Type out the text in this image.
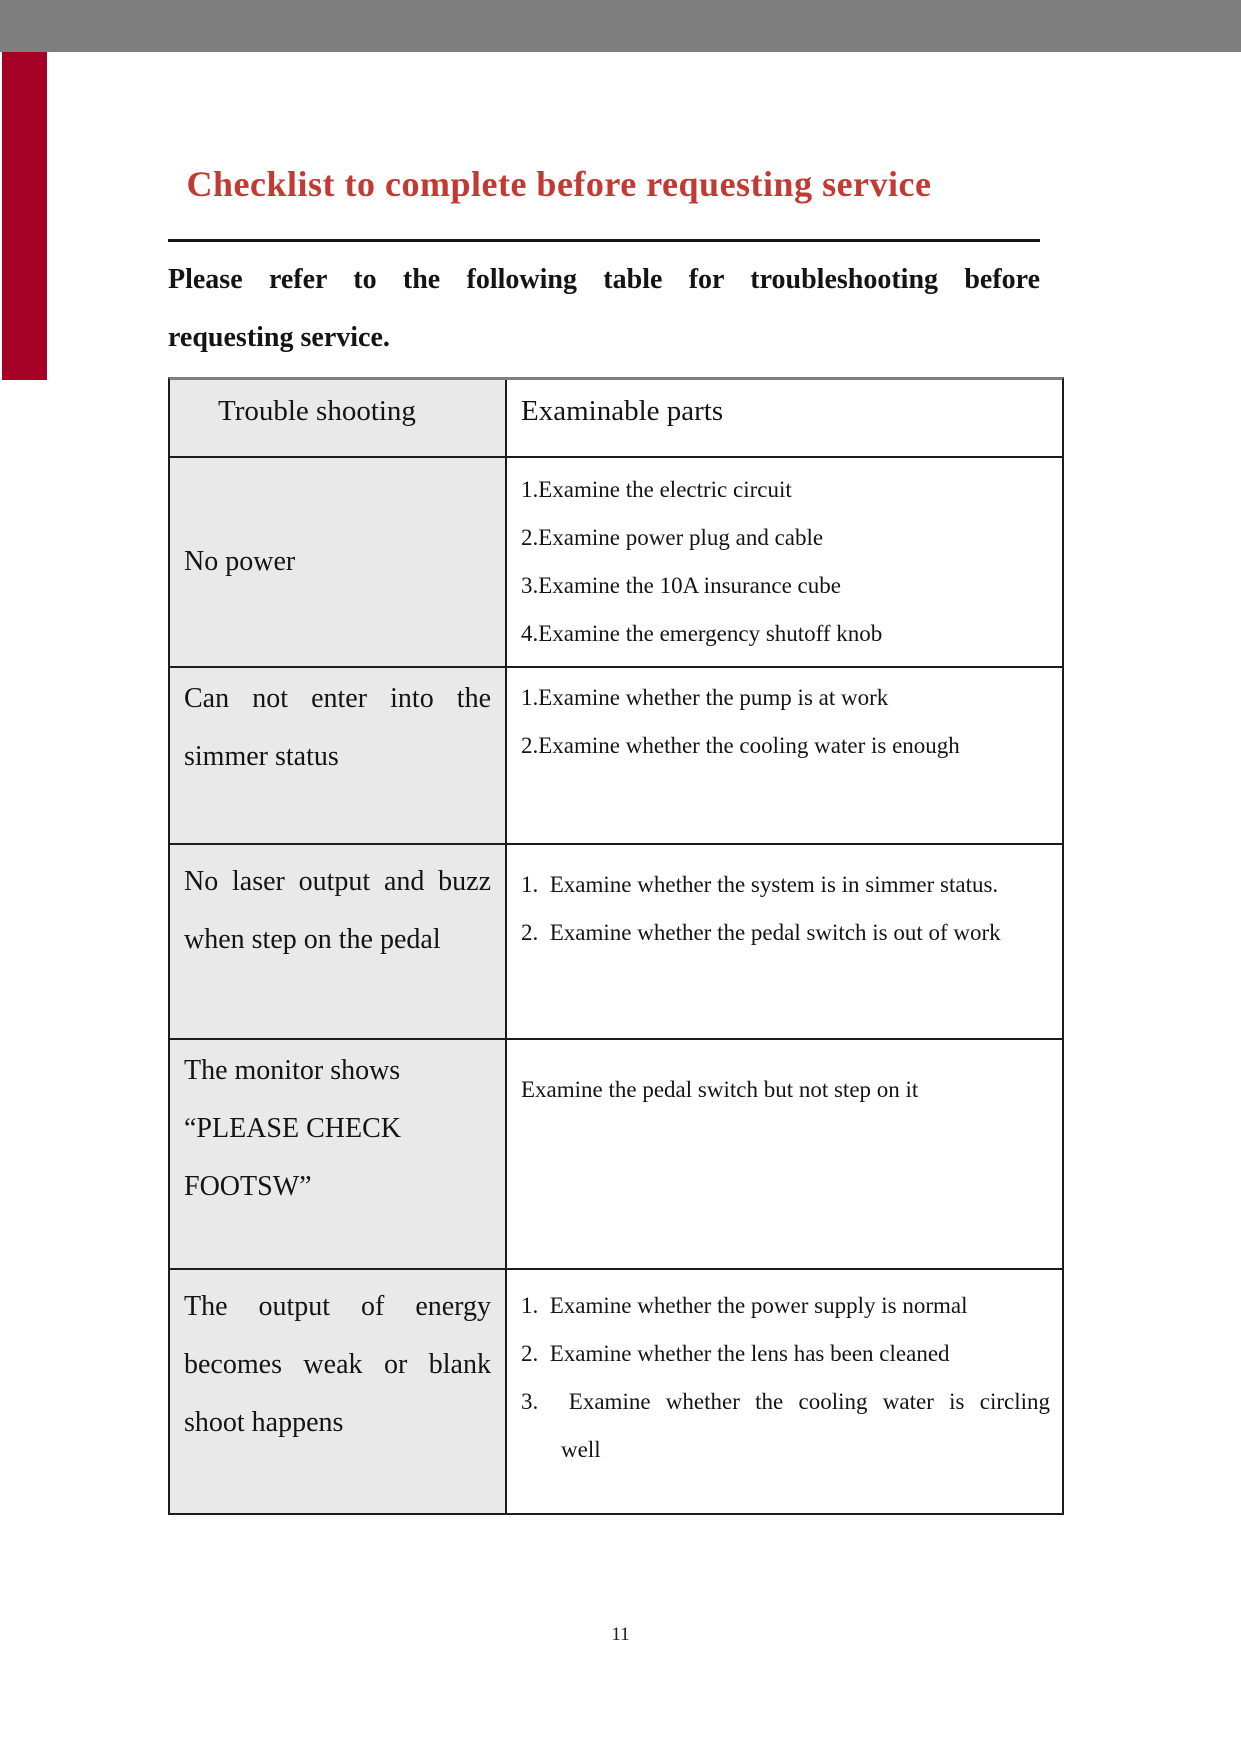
Checklist to complete before requesting service
Please refer to the following table for troubleshooting before
requesting service.
Trouble shooting	Examinable parts
No power
1.Examine the electric circuit
2.Examine power plug and cable
3.Examine the 10A insurance cube
4.Examine the emergency shutoff knob
Can not enter into the
simmer status
1.Examine whether the pump is at work
2.Examine whether the cooling water is enough
No laser output and buzz
when step on the pedal
1.  Examine whether the system is in simmer status.
2.  Examine whether the pedal switch is out of work
The monitor shows
“PLEASE CHECK
FOOTSW”
Examine the pedal switch but not step on it
The output of energy
becomes weak or blank
shoot happens
1.  Examine whether the power supply is normal
2.  Examine whether the lens has been cleaned
3.  Examine whether the cooling water is circling
well
11
